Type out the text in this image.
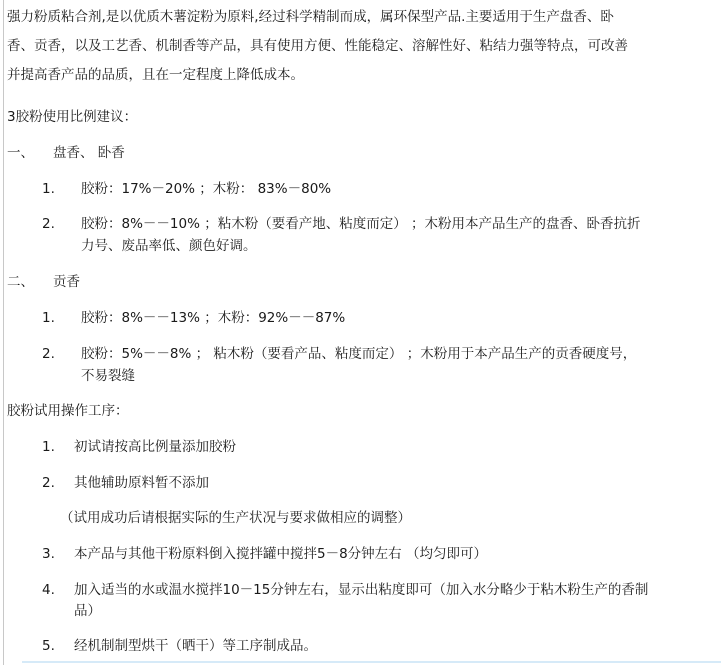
强力粉质粘合剂,是以优质木薯淀粉为原料,经过科学精制而成，属环保型产品.主要适用于生产盘香、卧
香、贡香，以及工艺香、机制香等产品，具有使用方便、性能稳定、溶解性好、粘结力强等特点，可改善
并提高香产品的品质，且在一定程度上降低成本。
3胶粉使用比例建议：
一、 盘香、 卧香
1. 胶粉：17%－20% ；木粉： 83%－80%
2. 胶粉：8%－－10% ；粘木粉（要看产地、粘度而定） ；木粉用本产品生产的盘香、卧香抗折
力号、废品率低、颜色好调。
二、 贡香
1. 胶粉：8%－－13% ；木粉：92%－－87%
2. 胶粉：5%－－8% ； 粘木粉（要看产品、粘度而定） ；木粉用于本产品生产的贡香硬度号，
不易裂缝
胶粉试用操作工序：
1. 初试请按高比例量添加胶粉
2. 其他辅助原料暂不添加
（试用成功后请根据实际的生产状况与要求做相应的调整）
3. 本产品与其他干粉原料倒入搅拌罐中搅拌5－8分钟左右 （均匀即可）
4. 加入适当的水或温水搅拌10－15分钟左右，显示出粘度即可（加入水分略少于粘木粉生产的香制
品）
5. 经机制制型烘干（晒干）等工序制成品。
